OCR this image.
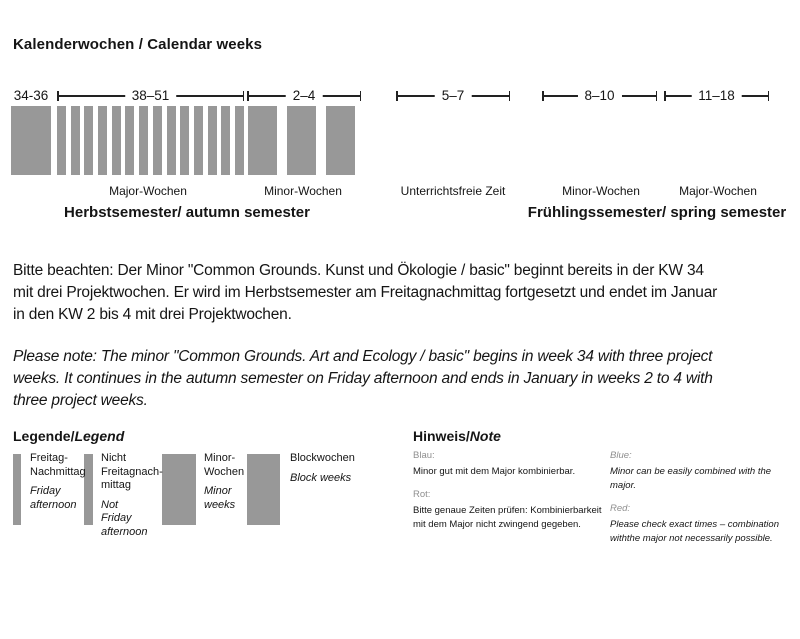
Kalenderwochen / Calendar weeks
34-36	38–51	2–4	5–7	8–10	11–18
Major-Wochen	Minor-Wochen	Unterrichtsfreie Zeit	Minor-Wochen	Major-Wochen
Herbstsemester/ autumn semester	Frühlingssemester/ spring semester
Bitte beachten: Der Minor "Common Grounds. Kunst und Ökologie / basic" beginnt bereits in der KW 34
mit drei Projektwochen. Er wird im Herbstsemester am Freitagnachmittag fortgesetzt und endet im Januar
in den KW 2 bis 4 mit drei Projektwochen.
Please note: The minor "Common Grounds. Art and Ecology / basic" begins in week 34 with three project
weeks. It continues in the autumn semester on Friday afternoon and ends in January in weeks 2 to 4 with
three project weeks.
Legende/Legend
Freitag-
Nachmittag
Friday
afternoon
Nicht
Freitagnach-
mittag
Not
Friday
afternoon
Minor-
Wochen
Minor
weeks
Blockwochen
Block weeks
Hinweis/Note
Blau:
Minor gut mit dem Major kombinierbar.
Rot:
Bitte genaue Zeiten prüfen: Kombinierbarkeit mit dem Major nicht zwingend gegeben.
Blue:
Minor can be easily combined with the major.
Red:
Please check exact times – combination withthe major not necessarily possible.
